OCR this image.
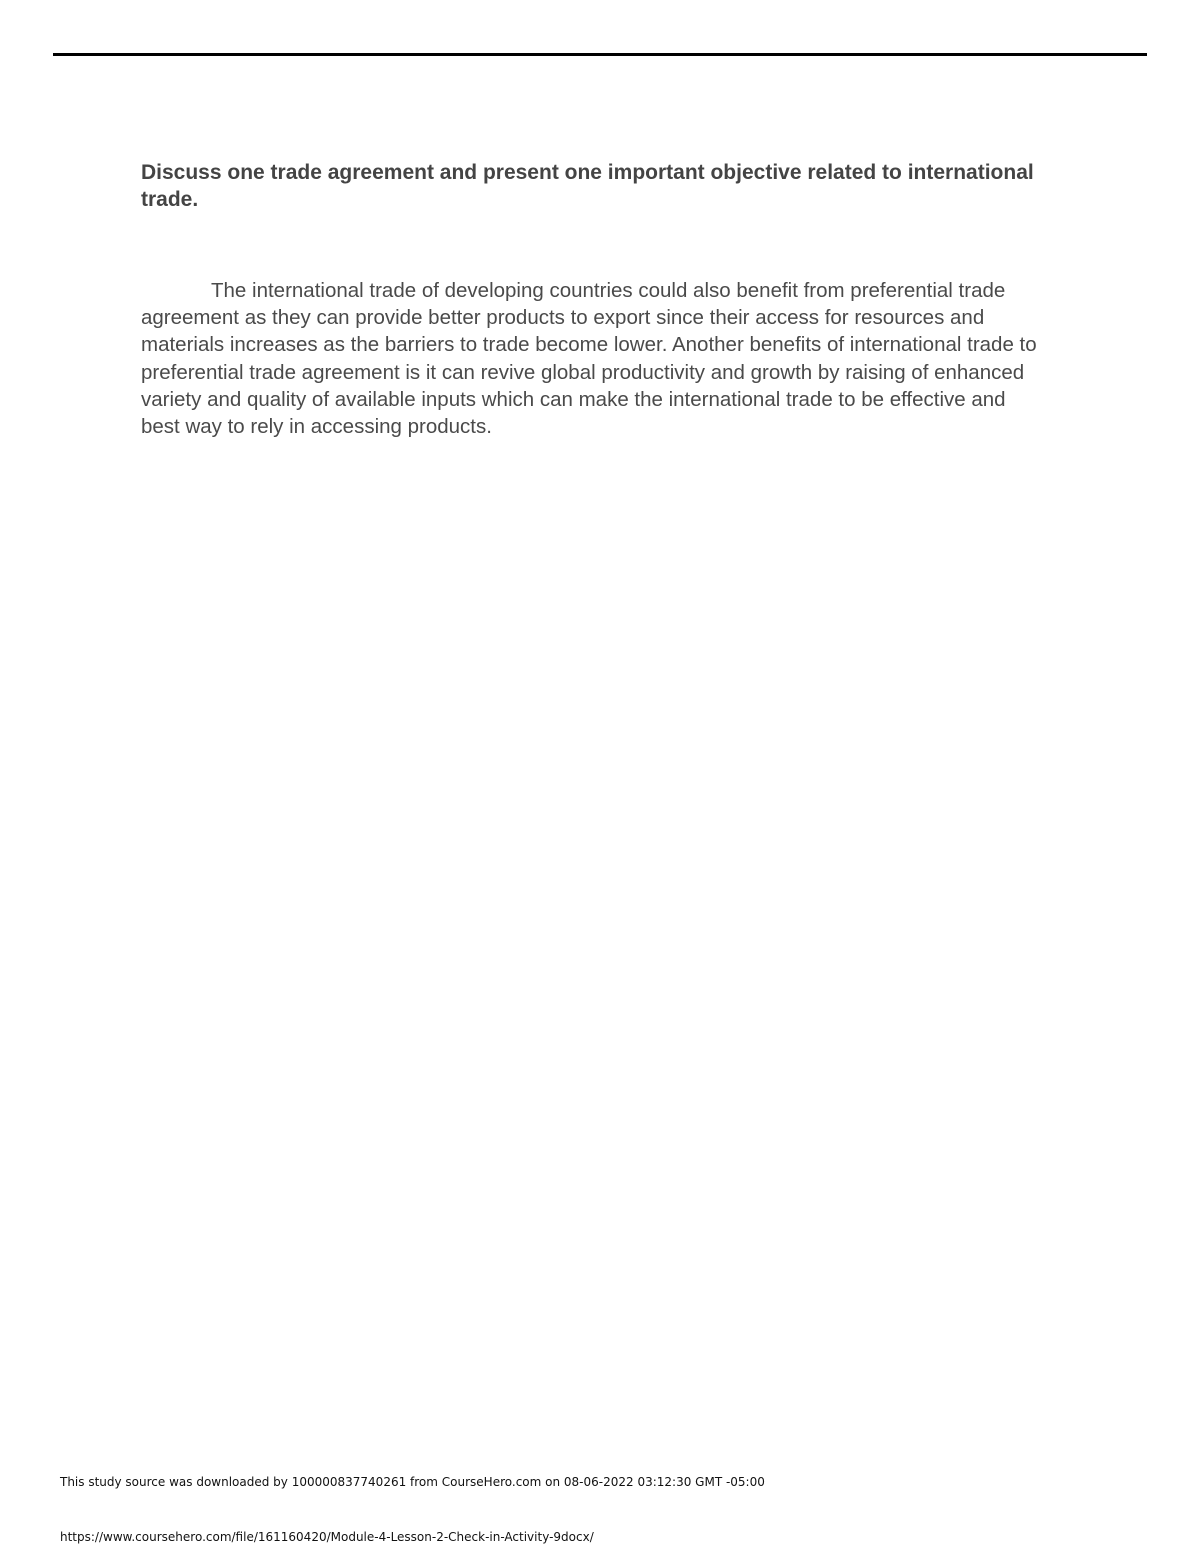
Discuss one trade agreement and present one important objective related to international trade.

The international trade of developing countries could also benefit from preferential trade agreement as they can provide better products to export since their access for resources and materials increases as the barriers to trade become lower. Another benefits of international trade to preferential trade agreement is it can revive global productivity and growth by raising of enhanced variety and quality of available inputs which can make the international trade to be effective and best way to rely in accessing products.

This study source was downloaded by 100000837740261 from CourseHero.com on 08-06-2022 03:12:30 GMT -05:00

https://www.coursehero.com/file/161160420/Module-4-Lesson-2-Check-in-Activity-9docx/
